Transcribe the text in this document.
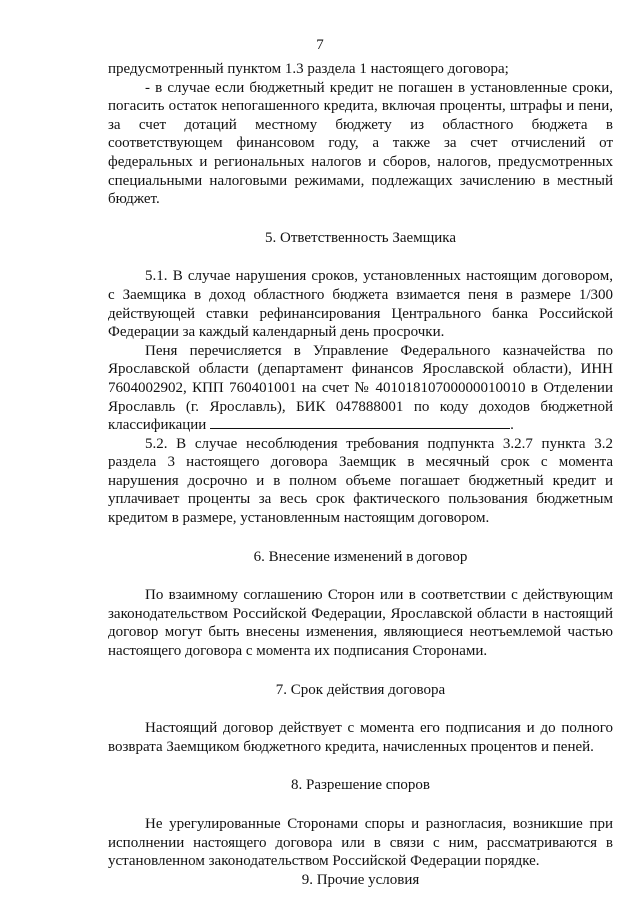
7

предусмотренный пунктом 1.3 раздела 1 настоящего договора;

- в случае если бюджетный кредит не погашен в установленные сроки, погасить остаток непогашенного кредита, включая проценты, штрафы и пени, за счет дотаций местному бюджету из областного бюджета в соответствующем финансовом году, а также за счет отчислений от федеральных и региональных налогов и сборов, налогов, предусмотренных специальными налоговыми режимами, подлежащих зачислению в местный бюджет.

5. Ответственность Заемщика

5.1. В случае нарушения сроков, установленных настоящим договором, с Заемщика в доход областного бюджета взимается пеня в размере 1/300 действующей ставки рефинансирования Центрального банка Российской Федерации за каждый календарный день просрочки.

Пеня перечисляется в Управление Федерального казначейства по Ярославской области (департамент финансов Ярославской области), ИНН 7604002902, КПП 760401001 на счет № 40101810700000010010 в Отделении Ярославль (г. Ярославль), БИК 047888001 по коду доходов бюджетной классификации	.

5.2. В случае несоблюдения требования подпункта 3.2.7 пункта 3.2 раздела 3 настоящего договора Заемщик в месячный срок с момента нарушения досрочно и в полном объеме погашает бюджетный кредит и уплачивает проценты за весь срок фактического пользования бюджетным кредитом в размере, установленным настоящим договором.

6. Внесение изменений в договор

По взаимному соглашению Сторон или в соответствии с действующим законодательством Российской Федерации, Ярославской области в настоящий договор могут быть внесены изменения, являющиеся неотъемлемой частью настоящего договора с момента их подписания Сторонами.

7. Срок действия договора

Настоящий договор действует с момента его подписания и до полного возврата Заемщиком бюджетного кредита, начисленных процентов и пеней.

8. Разрешение споров

Не урегулированные Сторонами споры и разногласия, возникшие при исполнении настоящего договора или в связи с ним, рассматриваются в установленном законодательством Российской Федерации порядке.

9. Прочие условия
